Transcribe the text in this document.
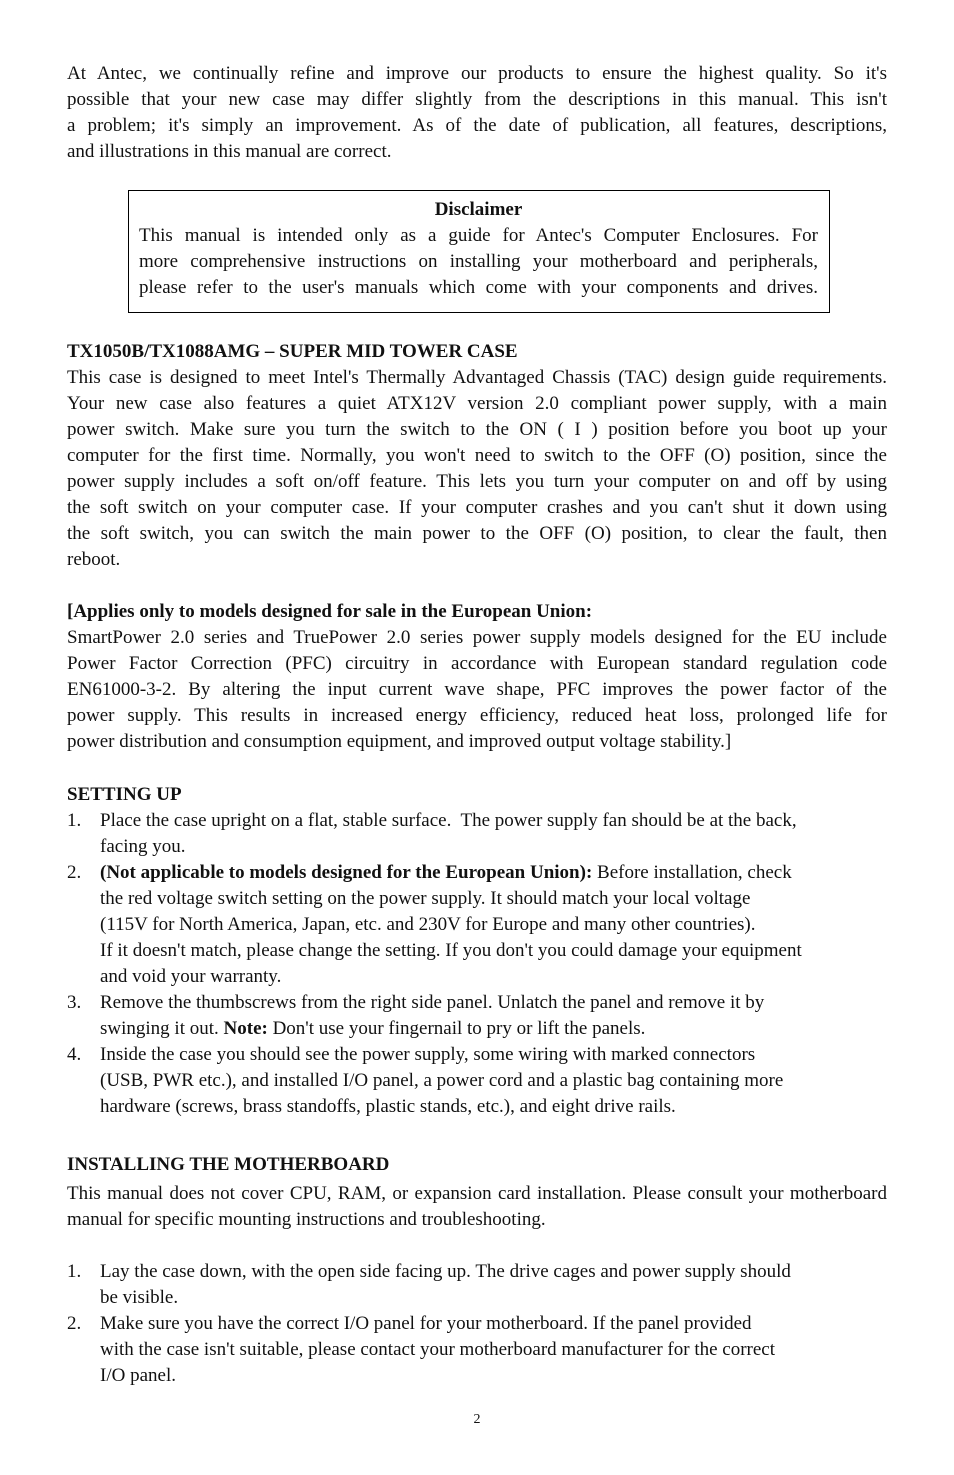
At Antec, we continually refine and improve our products to ensure the highest quality. So it's
possible that your new case may differ slightly from the descriptions in this manual. This isn't
a problem; it's simply an improvement. As of the date of publication, all features, descriptions,
and illustrations in this manual are correct.
Disclaimer
This manual is intended only as a guide for Antec's Computer Enclosures. For
more comprehensive instructions on installing your motherboard and peripherals,
please refer to the user's manuals which come with your components and drives.
TX1050B/TX1088AMG – SUPER MID TOWER CASE
This case is designed to meet Intel's Thermally Advantaged Chassis (TAC) design guide requirements.
Your new case also features a quiet ATX12V version 2.0 compliant power supply, with a main
power switch. Make sure you turn the switch to the ON ( I ) position before you boot up your
computer for the first time. Normally, you won't need to switch to the OFF (O) position, since the
power supply includes a soft on/off feature. This lets you turn your computer on and off by using
the soft switch on your computer case. If your computer crashes and you can't shut it down using
the soft switch, you can switch the main power to the OFF (O) position, to clear the fault, then
reboot.
[Applies only to models designed for sale in the European Union:
SmartPower 2.0 series and TruePower 2.0 series power supply models designed for the EU include
Power Factor Correction (PFC) circuitry in accordance with European standard regulation code
EN61000-3-2. By altering the input current wave shape, PFC improves the power factor of the
power supply. This results in increased energy efficiency, reduced heat loss, prolonged life for
power distribution and consumption equipment, and improved output voltage stability.]
SETTING UP
1. Place the case upright on a flat, stable surface.  The power supply fan should be at the back,
facing you.
2. (Not applicable to models designed for the European Union): Before installation, check
the red voltage switch setting on the power supply. It should match your local voltage
(115V for North America, Japan, etc. and 230V for Europe and many other countries).
If it doesn't match, please change the setting. If you don't you could damage your equipment
and void your warranty.
3. Remove the thumbscrews from the right side panel. Unlatch the panel and remove it by
swinging it out. Note: Don't use your fingernail to pry or lift the panels.
4. Inside the case you should see the power supply, some wiring with marked connectors
(USB, PWR etc.), and installed I/O panel, a power cord and a plastic bag containing more
hardware (screws, brass standoffs, plastic stands, etc.), and eight drive rails.
INSTALLING THE MOTHERBOARD
This manual does not cover CPU, RAM, or expansion card installation. Please consult your motherboard
manual for specific mounting instructions and troubleshooting.
1. Lay the case down, with the open side facing up. The drive cages and power supply should
be visible.
2. Make sure you have the correct I/O panel for your motherboard. If the panel provided
with the case isn't suitable, please contact your motherboard manufacturer for the correct
I/O panel.
2
